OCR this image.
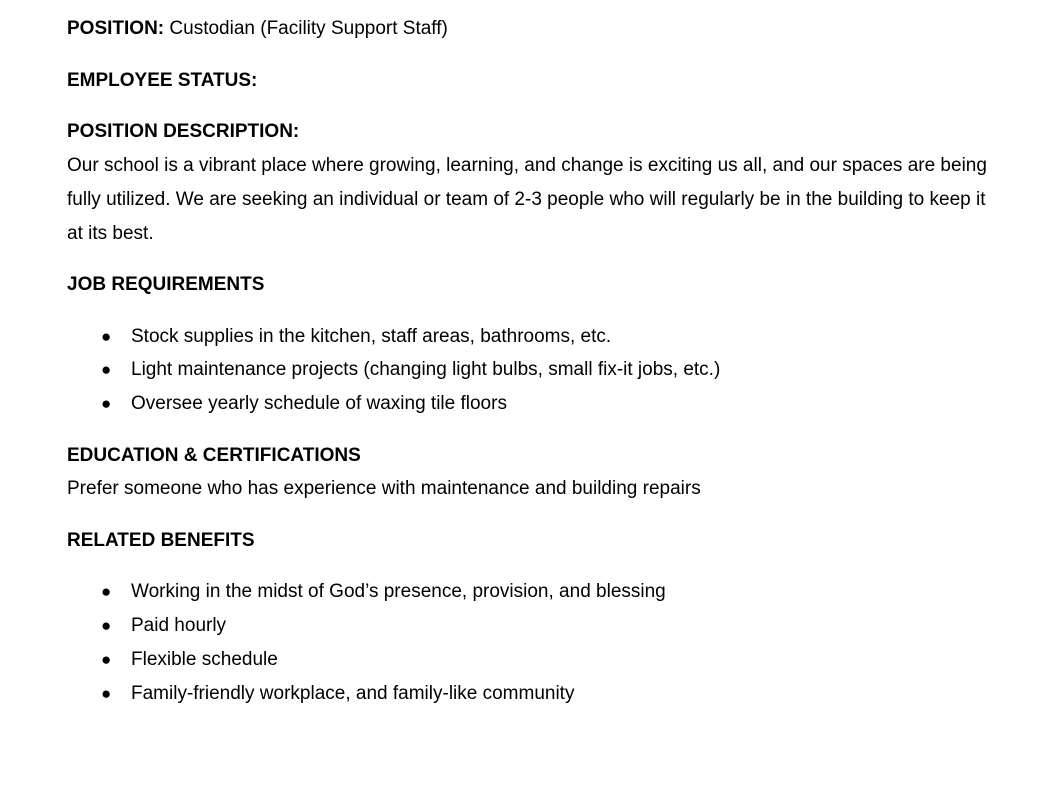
POSITION: Custodian (Facility Support Staff)
EMPLOYEE STATUS:
POSITION DESCRIPTION:
Our school is a vibrant place where growing, learning, and change is exciting us all, and our spaces are being fully utilized. We are seeking an individual or team of 2-3 people who will regularly be in the building to keep it at its best.
JOB REQUIREMENTS
● Stock supplies in the kitchen, staff areas, bathrooms, etc.
● Light maintenance projects (changing light bulbs, small fix-it jobs, etc.)
● Oversee yearly schedule of waxing tile floors
EDUCATION & CERTIFICATIONS
Prefer someone who has experience with maintenance and building repairs
RELATED BENEFITS
● Working in the midst of God’s presence, provision, and blessing
● Paid hourly
● Flexible schedule
● Family-friendly workplace, and family-like community
